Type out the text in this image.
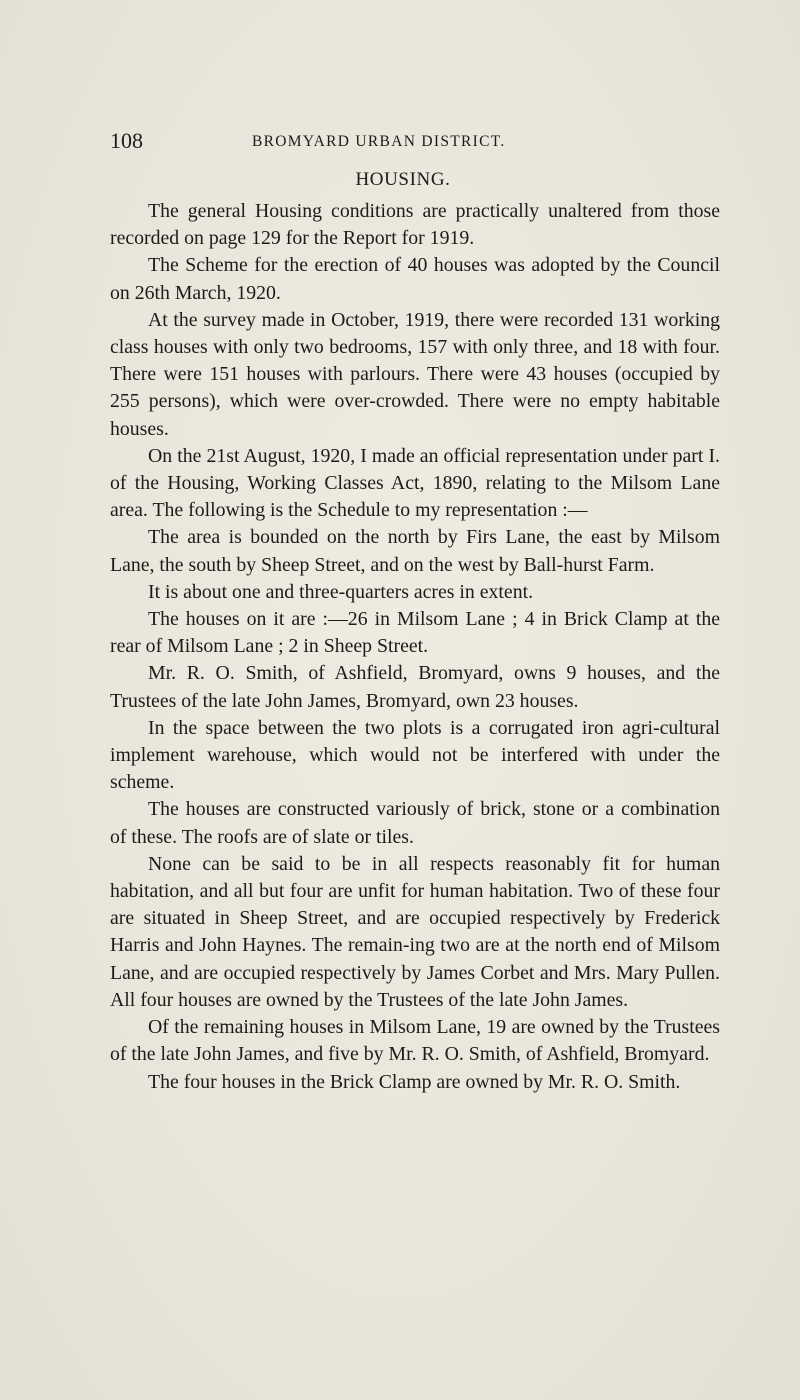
108	BROMYARD URBAN DISTRICT.
HOUSING.

The general Housing conditions are practically unaltered from those recorded on page 129 for the Report for 1919.

The Scheme for the erection of 40 houses was adopted by the Council on 26th March, 1920.

At the survey made in October, 1919, there were recorded 131 working class houses with only two bedrooms, 157 with only three, and 18 with four. There were 151 houses with parlours. There were 43 houses (occupied by 255 persons), which were over-crowded. There were no empty habitable houses.

On the 21st August, 1920, I made an official representation under part I. of the Housing, Working Classes Act, 1890, relating to the Milsom Lane area. The following is the Schedule to my representation :—

The area is bounded on the north by Firs Lane, the east by Milsom Lane, the south by Sheep Street, and on the west by Ball-hurst Farm.

It is about one and three-quarters acres in extent.

The houses on it are :—26 in Milsom Lane ; 4 in Brick Clamp at the rear of Milsom Lane ; 2 in Sheep Street.

Mr. R. O. Smith, of Ashfield, Bromyard, owns 9 houses, and the Trustees of the late John James, Bromyard, own 23 houses.

In the space between the two plots is a corrugated iron agri-cultural implement warehouse, which would not be interfered with under the scheme.

The houses are constructed variously of brick, stone or a combination of these. The roofs are of slate or tiles.

None can be said to be in all respects reasonably fit for human habitation, and all but four are unfit for human habitation. Two of these four are situated in Sheep Street, and are occupied respectively by Frederick Harris and John Haynes. The remain-ing two are at the north end of Milsom Lane, and are occupied respectively by James Corbet and Mrs. Mary Pullen. All four houses are owned by the Trustees of the late John James.

Of the remaining houses in Milsom Lane, 19 are owned by the Trustees of the late John James, and five by Mr. R. O. Smith, of Ashfield, Bromyard.

The four houses in the Brick Clamp are owned by Mr. R. O. Smith.
